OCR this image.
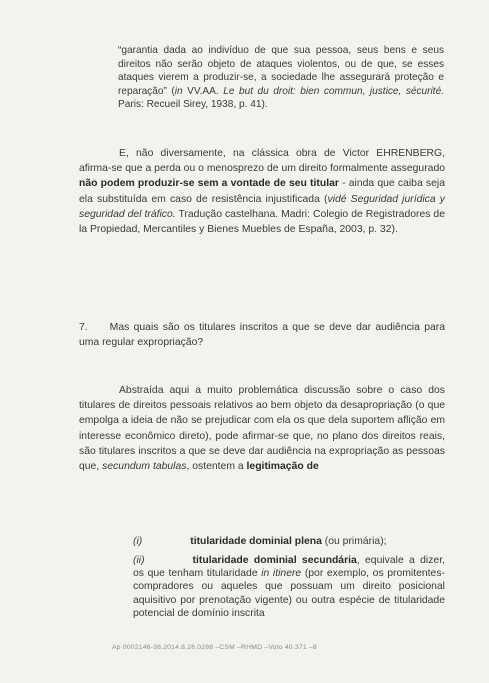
“garantia dada ao indivíduo de que sua pessoa, seus bens e seus direitos não serão objeto de ataques violentos, ou de que, se esses ataques vierem a produzir-se, a sociedade lhe assegurará proteção e reparação” (in VV.AA. Le but du droit: bien commun, justice, sécurité. Paris: Recueil Sirey, 1938, p. 41).
E, não diversamente, na clássica obra de Victor EHRENBERG, afirma-se que a perda ou o menosprezo de um direito formalmente assegurado não podem produzir-se sem a vontade de seu titular - ainda que caiba seja ela substituída em caso de resistência injustificada (vidé Seguridad jurídica y seguridad del tráfico. Tradução castelhana. Madri: Colegio de Registradores de la Propiedad, Mercantiles y Bienes Muebles de España, 2003, p. 32).
7. Mas quais são os titulares inscritos a que se deve dar audiência para uma regular expropriação?
Abstraída aqui a muito problemática discussão sobre o caso dos titulares de direitos pessoais relativos ao bem objeto da desapropriação (o que empolga a ideia de não se prejudicar com ela os que dela suportem aflição em interesse econômico direto), pode afirmar-se que, no plano dos direitos reais, são titulares inscritos a que se deve dar audiência na expropriação as pessoas que, secundum tabulas, ostentem a legitimação de
(i)	titularidade dominial plena (ou primária);
(ii)	titularidade dominial secundária, equivale a dizer, os que tenham titularidade in itinere (por exemplo, os promitentes-compradores ou aqueles que possuam um direito posicional aquisitivo por prenotação vigente) ou outra espécie de titularidade potencial de domínio inscrita
Ap 0002146-38.2014.8.26.0288 –CSM –RHMD –Voto 40.371 –8
